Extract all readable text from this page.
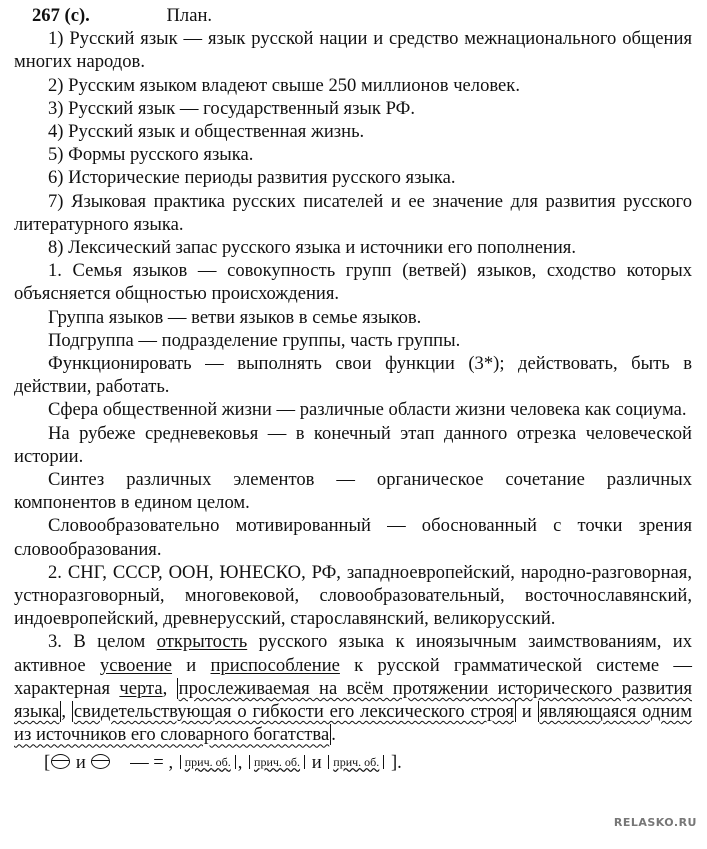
267 (с).	План.

1) Русский язык — язык русской нации и средство межнационального общения многих народов.

2) Русским языком владеют свыше 250 миллионов человек.

3) Русский язык — государственный язык РФ.

4) Русский язык и общественная жизнь.

5) Формы русского языка.

6) Исторические периоды развития русского языка.

7) Языковая практика русских писателей и ее значение для развития русского литературного языка.

8) Лексический запас русского языка и источники его пополнения.

1. Семья языков — совокупность групп (ветвей) языков, сходство которых объясняется общностью происхождения.

Группа языков — ветви языков в семье языков.

Подгруппа — подразделение группы, часть группы.

Функционировать — выполнять свои функции (3*); действовать, быть в действии, работать.

Сфера общественной жизни — различные области жизни человека как социума.

На рубеже средневековья — в конечный этап данного отрезка человеческой истории.

Синтез различных элементов — органическое сочетание различных компонентов в едином целом.

Словообразовательно мотивированный — обоснованный с точки зрения словообразования.

2. СНГ, СССР, ООН, ЮНЕСКО, РФ, западноевропейский, народно-разговорная, устноразговорный, многовековой, словообразовательный, восточнославянский, индоевропейский, древнерусский, старославянский, великорусский.

3. В целом открытость русского языка к иноязычным заимствованиям, их активное усвоение и приспособление к русской грамматической системе — характерная черта, прослеживаемая на всём протяжении исторического развития языка , свидетельствующая о гибкости его лексического строя и являющаяся одним из источников его словарного богатства .

[ и — = , прич. об. , прич. об. и прич. об. ].
RELASKO.RU
